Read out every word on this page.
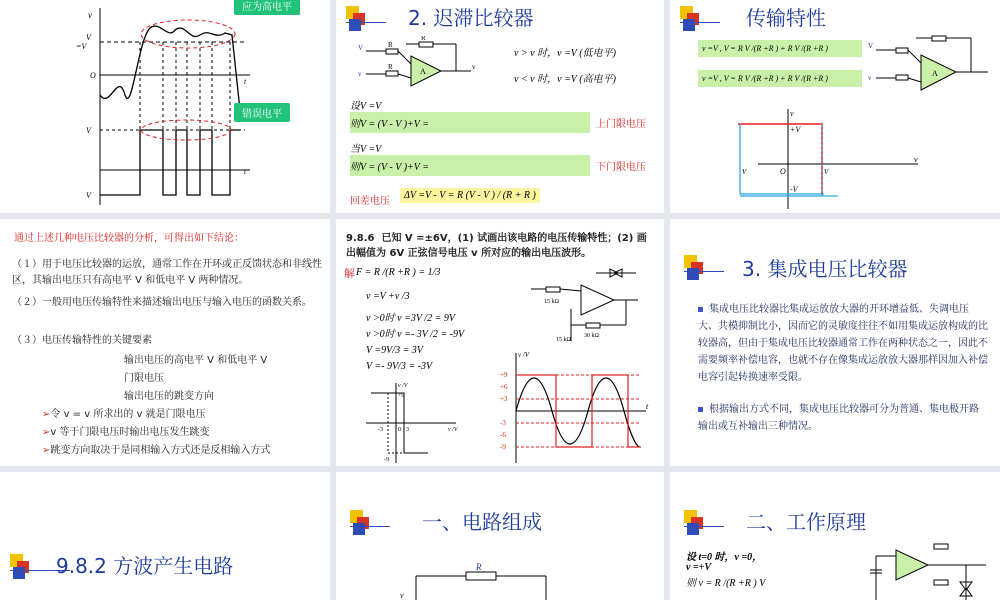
v
V
=V
O
t
V
t
V
应为高电平
错误电平
2. 迟滞比较器
A
V
v
R
R
R
v
v > v 时，v =V (低电平)
v < v 时，v =V (高电平)
设V =V
则V = (V - V )+V =	上门限电压
当V =V
则V = (V - V )+V =	下门限电压
回差电压
ΔV =V - V = R (V - V ) / (R + R )
传输特性
v =V , V = R V /(R +R ) + R V /(R +R )
v =V , V = R V /(R +R ) + R V /(R +R )
A
V
v
v
v
+V
-V
O	V
V
通过上述几种电压比较器的分析，可得出如下结论：
（１）用于电压比较器的运放，通常工作在开环或正反馈状态和非线性区，其输出电压只有高电平 V 和低电平 V 两种情况。
（２）一般用电压传输特性来描述输出电压与输入电压的函数关系。
（３）电压传输特性的关键要素
输出电压的高电平 V 和低电平 V
门限电压
输出电压的跳变方向
➢令 v = v 所求出的 v 就是门限电压
➢v 等于门限电压时输出电压发生跳变
➢跳变方向取决于是同相输入方式还是反相输入方式
9.8.6 已知 V =±6V，(1) 试画出该电路的电压传输特性；(2) 画出幅值为 6V 正弦信号电压 v 所对应的输出电压波形。
解 F = R /(R +R ) = 1/3
v =V +v /3
v >0时 v =3V /2 = 9V
v >0时 v =- 3V /2 = -9V
V =9V/3 = 3V
V =- 9V/3 = -3V
15 kΩ
30 kΩ
15 kΩ
v /V
v /V
+9
-9
-3	3
0
v /V
t
+9
+6
+3
-3
-6
-9
3. 集成电压比较器
集成电压比较器比集成运放放大器的开环增益低、失调电压大、共模抑制比小，因而它的灵敏度往往不如用集成运放构成的比较器高，但由于集成电压比较器通常工作在两种状态之一，因此不需要频率补偿电容，也就不存在像集成运放放大器那样因加入补偿电容引起转换速率受限。
根据输出方式不同，集成电压比较器可分为普通、集电极开路输出或互补输出三种情况。
9.8.2 方波产生电路
一、电路组成
R
v
二、工作原理
设 t=0 时，v =0，
v =+V
则 v = R /(R +R ) V
